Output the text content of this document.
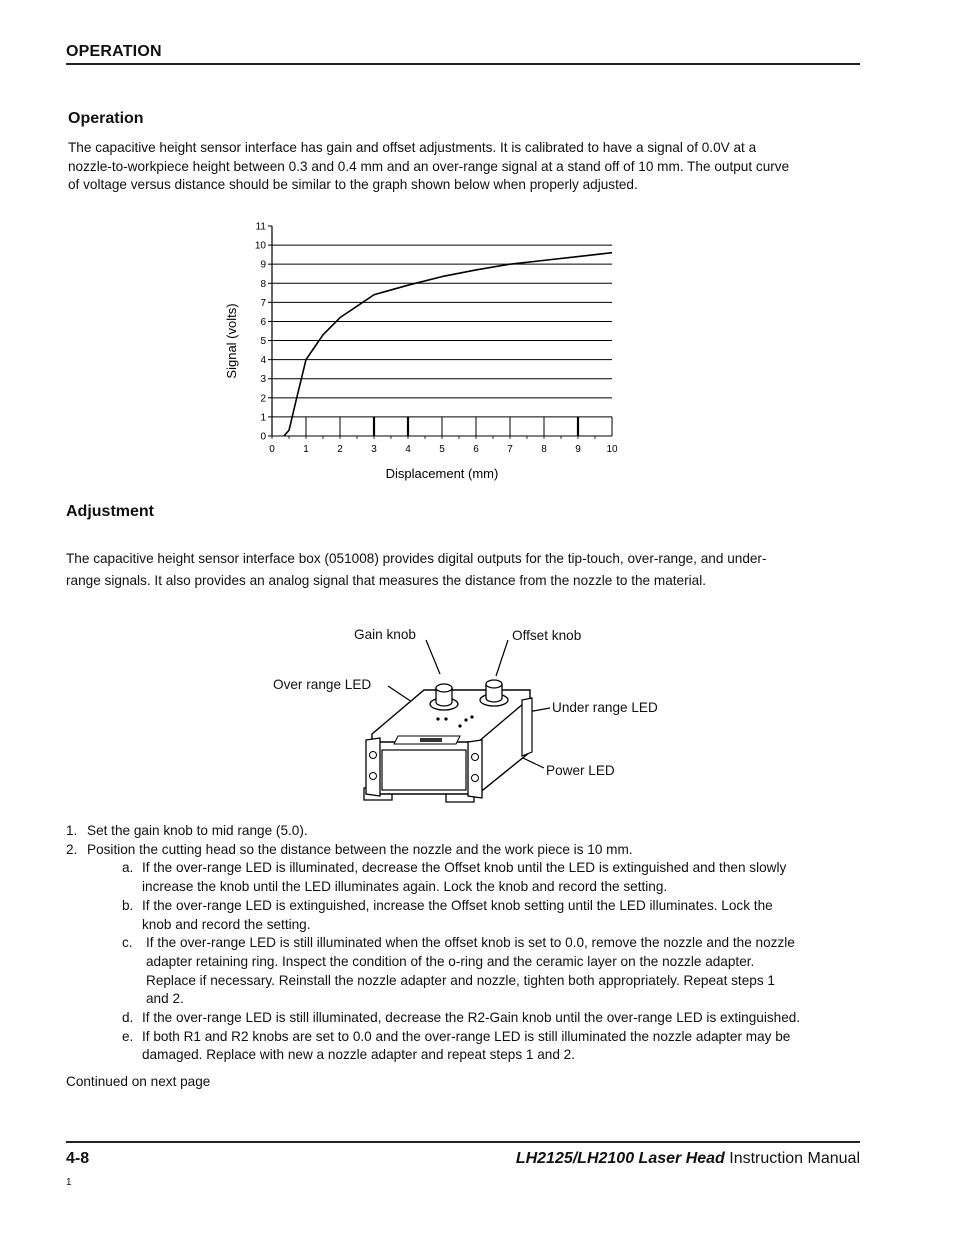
OPERATION
Operation
The capacitive height sensor interface has gain and offset adjustments. It is calibrated to have a signal of 0.0V at a
nozzle-to-workpiece height between 0.3 and 0.4 mm and an over-range signal at a stand off of 10 mm. The output curve
of voltage versus distance should be similar to the graph shown below when properly adjusted.
0
1
2
3
4
5
6
7
8
9
10
11
0	1	2	3	4	5	6	7	8	9	10
Displacement (mm)
Signal (volts)
Adjustment
The capacitive height sensor interface box (051008) provides digital outputs for the tip-touch, over-range, and under-
range signals. It also provides an analog signal that measures the distance from the nozzle to the material.
Gain knob	Offset knob
Over range LED
Under range LED
Power LED
1. Set the gain knob to mid range (5.0).
2. Position the cutting head so the distance between the nozzle and the work piece is 10 mm.
a. If the over-range LED is illuminated, decrease the Offset knob until the LED is extinguished and then slowly
increase the knob until the LED illuminates again. Lock the knob and record the setting.
b. If the over-range LED is extinguished, increase the Offset knob setting until the LED illuminates. Lock the
knob and record the setting.
c. If the over-range LED is still illuminated when the offset knob is set to 0.0, remove the nozzle and the nozzle
adapter retaining ring. Inspect the condition of the o-ring and the ceramic layer on the nozzle adapter.
Replace if necessary. Reinstall the nozzle adapter and nozzle, tighten both appropriately. Repeat steps 1
and 2.
d. If the over-range LED is still illuminated, decrease the R2-Gain knob until the over-range LED is extinguished.
e. If both R1 and R2 knobs are set to 0.0 and the over-range LED is still illuminated the nozzle adapter may be
damaged. Replace with new a nozzle adapter and repeat steps 1 and 2.
Continued on next page
4-8	LH2125/LH2100 Laser Head Instruction Manual
1
